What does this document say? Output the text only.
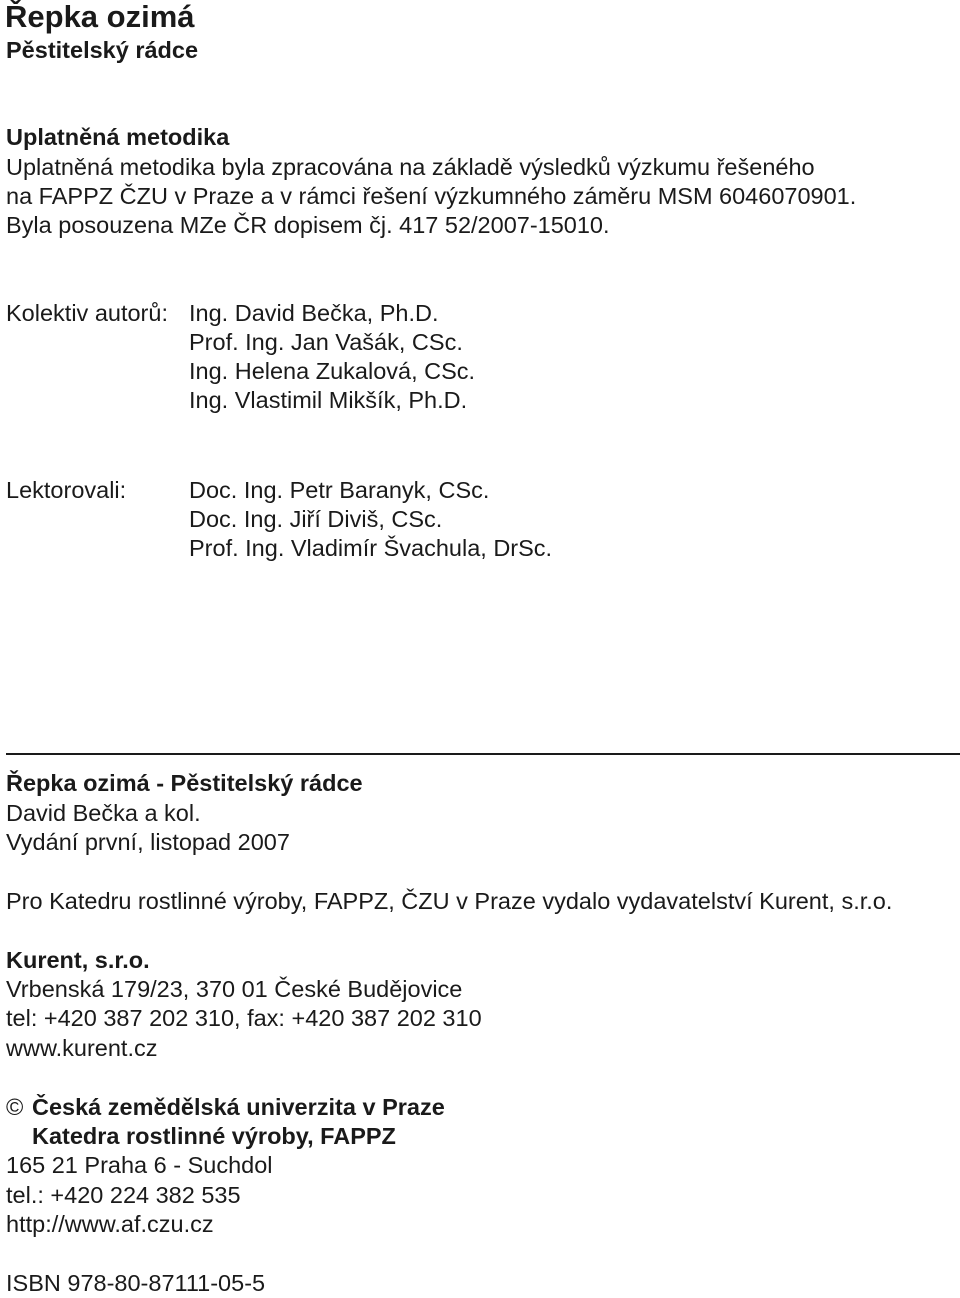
Řepka ozimá
Pěstitelský rádce
Uplatněná metodika
Uplatněná metodika byla zpracována na základě výsledků výzkumu řešeného
na FAPPZ ČZU v Praze a v rámci řešení výzkumného záměru MSM 6046070901.
Byla posouzena MZe ČR dopisem čj. 417 52/2007-15010.
Kolektiv autorů: Ing. David Bečka, Ph.D.
Prof. Ing. Jan Vašák, CSc.
Ing. Helena Zukalová, CSc.
Ing. Vlastimil Mikšík, Ph.D.
Lektorovali:	Doc. Ing. Petr Baranyk, CSc.
Doc. Ing. Jiří Diviš, CSc.
Prof. Ing. Vladimír Švachula, DrSc.
Řepka ozimá - Pěstitelský rádce
David Bečka a kol.
Vydání první, listopad 2007
Pro Katedru rostlinné výroby, FAPPZ, ČZU v Praze vydalo vydavatelství Kurent, s.r.o.
Kurent, s.r.o.
Vrbenská 179/23, 370 01 České Budějovice
tel: +420 387 202 310, fax: +420 387 202 310
www.kurent.cz
© Česká zemědělská univerzita v Praze
Katedra rostlinné výroby, FAPPZ
165 21 Praha 6 - Suchdol
tel.: +420 224 382 535
http://www.af.czu.cz
ISBN 978-80-87111-05-5
